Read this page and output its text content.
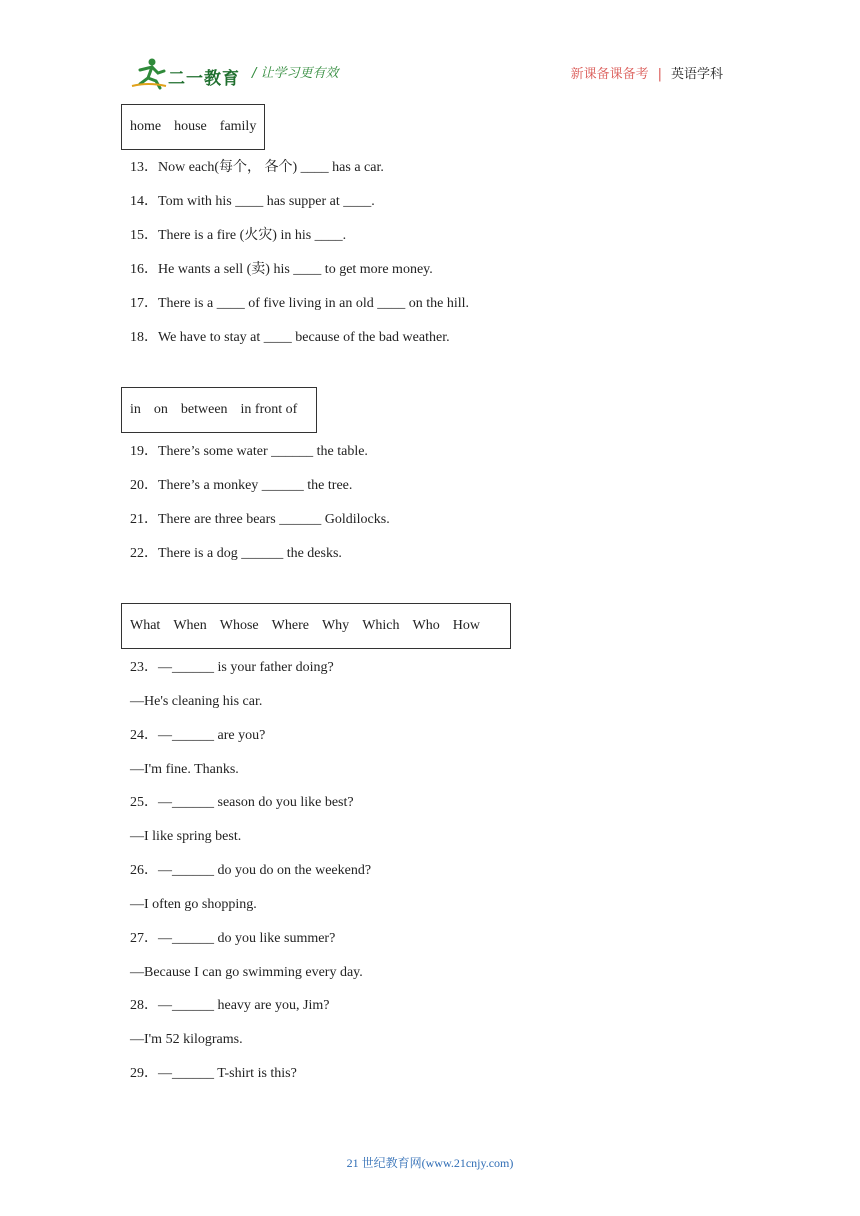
二一教育 / 让学习更有效	新课备课备考 | 英语学科
home house family
13．Now each(每个， 各个) ____ has a car.
14．Tom with his ____ has supper at ____.
15．There is a fire (火灾) in his ____.
16．He wants a sell (卖) his ____ to get more money.
17．There is a ____ of five living in an old ____ on the hill.
18．We have to stay at ____ because of the bad weather.
in on between in front of
19．There’s some water ______ the table.
20．There’s a monkey ______ the tree.
21．There are three bears ______ Goldilocks.
22．There is a dog ______ the desks.
What When Whose Where Why Which Who How
23．—______ is your father doing?
—He's cleaning his car.
24．—______ are you?
—I'm fine. Thanks.
25．—______ season do you like best?
—I like spring best.
26．—______ do you do on the weekend?
—I often go shopping.
27．—______ do you like summer?
—Because I can go swimming every day.
28．—______ heavy are you, Jim?
—I'm 52 kilograms.
29．—______ T-shirt is this?
21 世纪教育网(www.21cnjy.com)
